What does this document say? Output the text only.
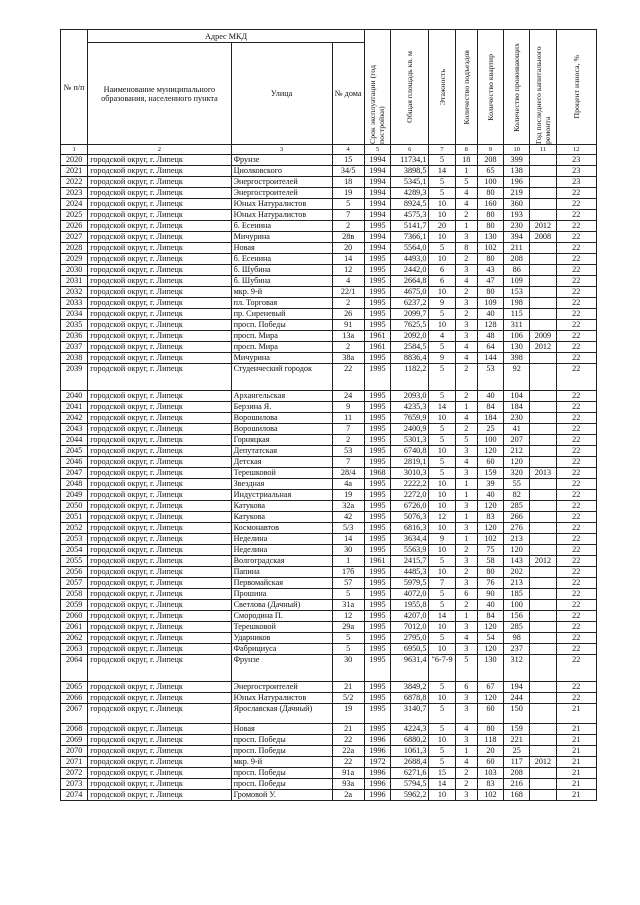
№ п/п	Адрес МКД			Срок эксплуатации (год постройки)	Общая площадь кв. м	Этажность	Количество подъездов	Количество квартир	Количество проживающих	Год последнего капитального ремонта	Процент износа, %

	Наименование муниципального образования, населенного пункта	Улица	№ дома								
1	2	3	4	5	6	7	8	9	10	11	12
2020	городской округ, г. Липецк	Фрунзе	15	1994	11734,1	5	18	208	399		23
2021	городской округ, г. Липецк	Циолковского	34/5	1994	3898,5	14	1	65	138		23
2022	городской округ, г. Липецк	Энергостроителей	18	1994	5345,1	5	5	100	196		23
2023	городской округ, г. Липецк	Энергостроителей	19	1994	4289,3	5	4	80	219		22
2024	городской округ, г. Липецк	Юных Натуралистов	5	1994	8924,5	10	4	160	360		22
2025	городской округ, г. Липецк	Юных Натуралистов	7	1994	4575,3	10	2	80	193		22
2026	городской округ, г. Липецк	б. Есенина	2	1995	5141,7	20	1	80	230	2012	22
2027	городской округ, г. Липецк	Мичурина	28в	1994	7366,1	10	3	130	394	2008	22
2028	городской округ, г. Липецк	Новая	20	1994	5564,0	5	8	102	211		22
2029	городской округ, г. Липецк	б. Есенина	14	1995	4493,0	10	2	80	208		22
2030	городской округ, г. Липецк	б. Шубина	12	1995	2442,0	6	3	43	86		22
2031	городской округ, г. Липецк	б. Шубина	4	1995	2664,8	6	4	47	109		22
2032	городской округ, г. Липецк	мкр. 9-й	22/1	1995	4675,0	10	2	80	153		22
2033	городской округ, г. Липецк	пл. Торговая	2	1995	6237,2	9	3	109	198		22
2034	городской округ, г. Липецк	пр. Сиреневый	26	1995	2099,7	5	2	40	115		22
2035	городской округ, г. Липецк	просп. Победы	91	1995	7625,5	10	3	128	311		22
2036	городской округ, г. Липецк	просп. Мира	13а	1961	2092,0	4	3	48	106	2009	22
2037	городской округ, г. Липецк	просп. Мира	2	1961	2584,5	5	4	64	130	2012	22
2038	городской округ, г. Липецк	Мичурина	38а	1995	8836,4	9	4	144	398		22
2039	городской округ, г. Липецк	Студенческий городок	22	1995	1182,2	5	2	53	92		22
2040	городской округ, г. Липецк	Архангельская	24	1995	2093,0	5	2	40	104		22
2041	городской округ, г. Липецк	Берзина Я.	9	1995	4235,3	14	1	84	184		22
2042	городской округ, г. Липецк	Ворошилова	11	1995	7659,9	10	4	184	230		22
2043	городской округ, г. Липецк	Ворошилова	7	1995	2400,9	5	2	25	41		22
2044	городской округ, г. Липецк	Горняцкая	2	1995	5301,3	5	5	100	207		22
2045	городской округ, г. Липецк	Депутатская	53	1995	6740,8	10	3	120	212		22
2046	городской округ, г. Липецк	Детская	7	1995	2819,1	5	4	60	120		22
2047	городской округ, г. Липецк	Терешковой	28/4	1968	3010,3	5	3	159	320	2013	22
2048	городской округ, г. Липецк	Звездная	4а	1995	2222,2	10	1	39	55		22
2049	городской округ, г. Липецк	Индустриальная	19	1995	2272,0	10	1	40	82		22
2050	городской округ, г. Липецк	Катукова	32а	1995	6726,0	10	3	120	285		22
2051	городской округ, г. Липецк	Катукова	42	1995	5076,3	12	1	83	266		22
2052	городской округ, г. Липецк	Космонавтов	5/3	1995	6816,3	10	3	120	276		22
2053	городской округ, г. Липецк	Неделина	14	1995	3634,4	9	1	102	213		22
2054	городской округ, г. Липецк	Неделина	30	1995	5563,9	10	2	75	120		22
2055	городской округ, г. Липецк	Волгоградская	1	1961	2415,7	5	3	58	143	2012	22
2056	городской округ, г. Липецк	Папина	17б	1995	4485,3	10	2	80	202		22
2057	городской округ, г. Липецк	Первомайская	57	1995	5979,5	7	3	76	213		22
2058	городской округ, г. Липецк	Прошина	5	1995	4072,0	5	6	90	185		22
2059	городской округ, г. Липецк	Светлова (Дачный)	31а	1995	1955,8	5	2	40	100		22
2060	городской округ, г. Липецк	Смородина П.	12	1995	4207,0	14	1	84	156		22
2061	городской округ, г. Липецк	Терешковой	29а	1995	7012,0	10	3	120	285		22
2062	городской округ, г. Липецк	Ударников	5	1995	2795,0	5	4	54	98		22
2063	городской округ, г. Липецк	Фабрициуса	5	1995	6950,5	10	3	120	237		22
2064	городской округ, г. Липецк	Фрунзе	30	1995	9631,4	"6-7-9	5	130	312		22
2065	городской округ, г. Липецк	Энергостроителей	21	1995	3849,2	5	6	67	194		22
2066	городской округ, г. Липецк	Юных Натуралистов	5/2	1995	6878,8	10	3	120	244		22
2067	городской округ, г. Липецк	Ярославская (Дачный)	19	1995	3140,7	5	3	60	150		21
2068	городской округ, г. Липецк	Новая	21	1995	4224,3	5	4	80	159		21
2069	городской округ, г. Липецк	просп. Победы	22	1996	6880,2	10	3	118	221		21
2070	городской округ, г. Липецк	просп. Победы	22а	1996	1061,3	5	1	20	25		21
2071	городской округ, г. Липецк	мкр. 9-й	22	1972	2688,4	5	4	60	117	2012	21
2072	городской округ, г. Липецк	просп. Победы	91а	1996	6271,6	15	2	103	208		21
2073	городской округ, г. Липецк	просп. Победы	93а	1996	5794,5	14	2	83	216		21
2074	городской округ, г. Липецк	Громовой У.	2а	1996	5962,2	10	3	102	168		21
